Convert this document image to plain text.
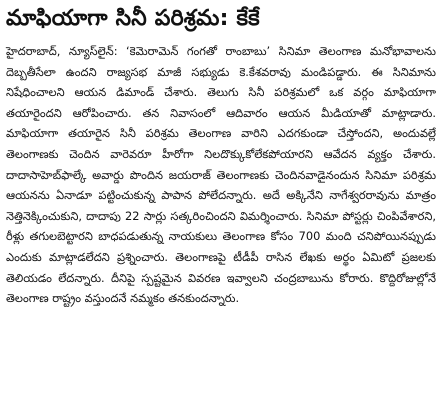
మాఫియాగా సినీ పరిశ్రమ: కేకే

హైదరాబాద్, న్యూస్‌లైన్: ‘కెమెరామెన్ గంగతో రాంబాబు’ సినిమా తెలంగాణ మనోభావాలను దెబ్బతీసేలా ఉందని రాజ్యసభ మాజీ సభ్యుడు కె.కేశవరావు మండిపడ్డారు. ఈ సినిమాను నిషేధించాలని ఆయన డిమాండ్ చేశారు. తెలుగు సినీ పరిశ్రమలో ఒక వర్గం మాఫియాగా తయారైందని ఆరోపించారు. తన నివాసంలో ఆదివారం ఆయన మీడియాతో మాట్లాడారు. మాఫియాగా తయారైన సినీ పరిశ్రమ తెలంగాణ వారిని ఎదగకుండా చేస్తోందని, అందువల్లే తెలంగాణకు చెందిన వారెవరూ హీరోగా నిలదొక్కుకోలేకపోయారని ఆవేదన వ్యక్తం చేశారు. దాదాసాహెబ్‌ఫాల్కే అవార్డు పొందిన జయరాజ్ తెలంగాణకు చెందినవాడైనందున సినిమా పరిశ్రమ ఆయనను ఏనాడూ పట్టించుకున్న పాపాన పోలేదన్నారు. అదే అక్కినేని నాగేశ్వరరావును మాత్రం నెత్తినెక్కించుకుని, దాదాపు 22 సార్లు సత్కరించిందని విమర్శించారు. సినిమా పోస్టర్లు చింపివేశారని, రీళ్లు తగులబెట్టారని బాధపడుతున్న నాయకులు తెలంగాణ కోసం 700 మంది చనిపోయినప్పుడు ఎందుకు మాట్లాడలేదని ప్రశ్నించారు. తెలంగాణపై టీడీపీ రాసిన లేఖకు అర్థం ఏమిటో ప్రజలకు తెలియడం లేదన్నారు. దీనిపై స్పష్టమైన వివరణ ఇవ్వాలని చంద్రబాబును కోరారు. కొద్దిరోజుల్లోనే తెలంగాణ రాష్ట్రం వస్తుందనే నమ్మకం తనకుందన్నారు.
